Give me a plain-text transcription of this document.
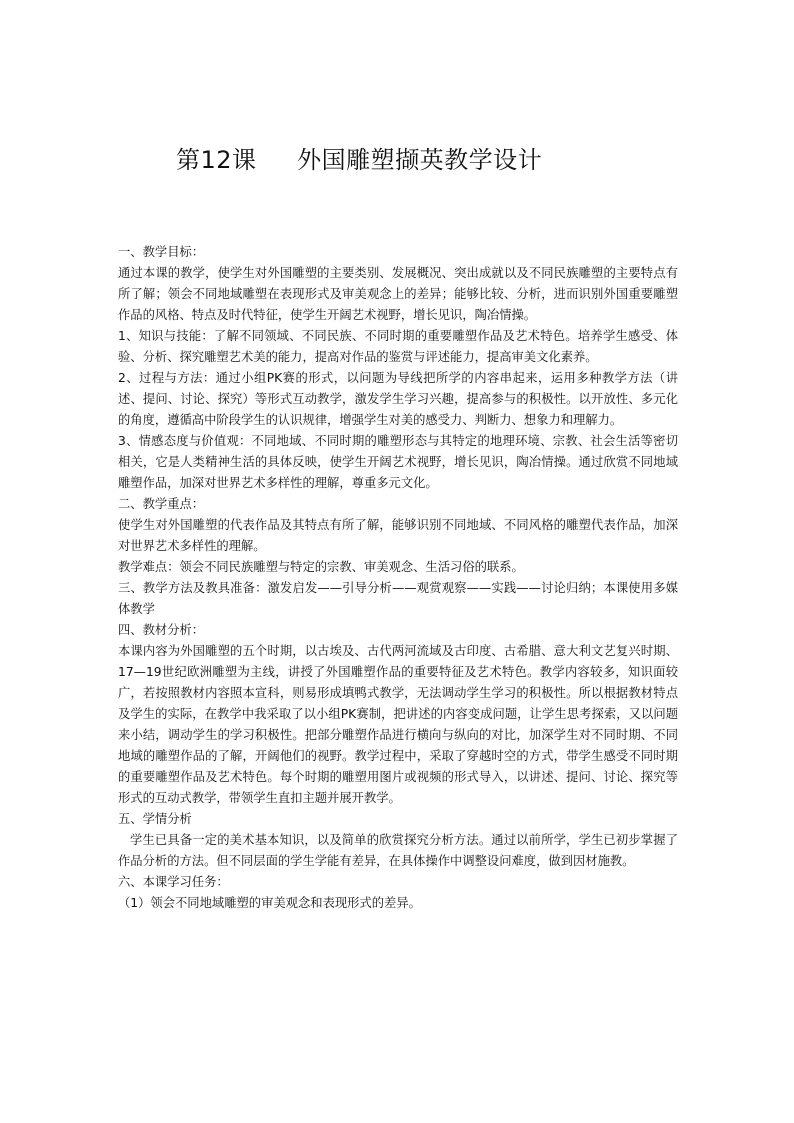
第12课     外国雕塑撷英教学设计

一、教学目标：

通过本课的教学，使学生对外国雕塑的主要类别、发展概况、突出成就以及不同民族雕塑的主要特点有所了解；领会不同地域雕塑在表现形式及审美观念上的差异；能够比较、分析，进而识别外国重要雕塑作品的风格、特点及时代特征，使学生开阔艺术视野，增长见识，陶冶情操。

1、知识与技能：了解不同领域、不同民族、不同时期的重要雕塑作品及艺术特色。培养学生感受、体验、分析、探究雕塑艺术美的能力，提高对作品的鉴赏与评述能力，提高审美文化素养。

2、过程与方法：通过小组PK赛的形式，以问题为导线把所学的内容串起来，运用多种教学方法（讲述、提问、讨论、探究）等形式互动教学，激发学生学习兴趣，提高参与的积极性。以开放性、多元化的角度，遵循高中阶段学生的认识规律，增强学生对美的感受力、判断力、想象力和理解力。

3、情感态度与价值观：不同地域、不同时期的雕塑形态与其特定的地理环境、宗教、社会生活等密切相关，它是人类精神生活的具体反映，使学生开阔艺术视野，增长见识，陶冶情操。通过欣赏不同地域雕塑作品，加深对世界艺术多样性的理解，尊重多元文化。

二、教学重点：

使学生对外国雕塑的代表作品及其特点有所了解，能够识别不同地域、不同风格的雕塑代表作品，加深对世界艺术多样性的理解。

教学难点：领会不同民族雕塑与特定的宗教、审美观念、生活习俗的联系。

三、教学方法及教具准备：激发启发——引导分析——观赏观察——实践——讨论归纳；本课使用多媒体教学

四、教材分析：

本课内容为外国雕塑的五个时期，以古埃及、古代两河流域及古印度、古希腊、意大利文艺复兴时期、17—19世纪欧洲雕塑为主线，讲授了外国雕塑作品的重要特征及艺术特色。教学内容较多，知识面较广，若按照教材内容照本宣科，则易形成填鸭式教学，无法调动学生学习的积极性。所以根据教材特点及学生的实际，在教学中我采取了以小组PK赛制，把讲述的内容变成问题，让学生思考探索，又以问题来小结，调动学生的学习积极性。把部分雕塑作品进行横向与纵向的对比，加深学生对不同时期、不同地域的雕塑作品的了解，开阔他们的视野。教学过程中，采取了穿越时空的方式，带学生感受不同时期的重要雕塑作品及艺术特色。每个时期的雕塑用图片或视频的形式导入，以讲述、提问、讨论、探究等形式的互动式教学，带领学生直扣主题并展开教学。

五、学情分析

学生已具备一定的美术基本知识，以及简单的欣赏探究分析方法。通过以前所学，学生已初步掌握了作品分析的方法。但不同层面的学生学能有差异，在具体操作中调整设问难度，做到因材施教。

六、本课学习任务：

（1）领会不同地域雕塑的审美观念和表现形式的差异。
